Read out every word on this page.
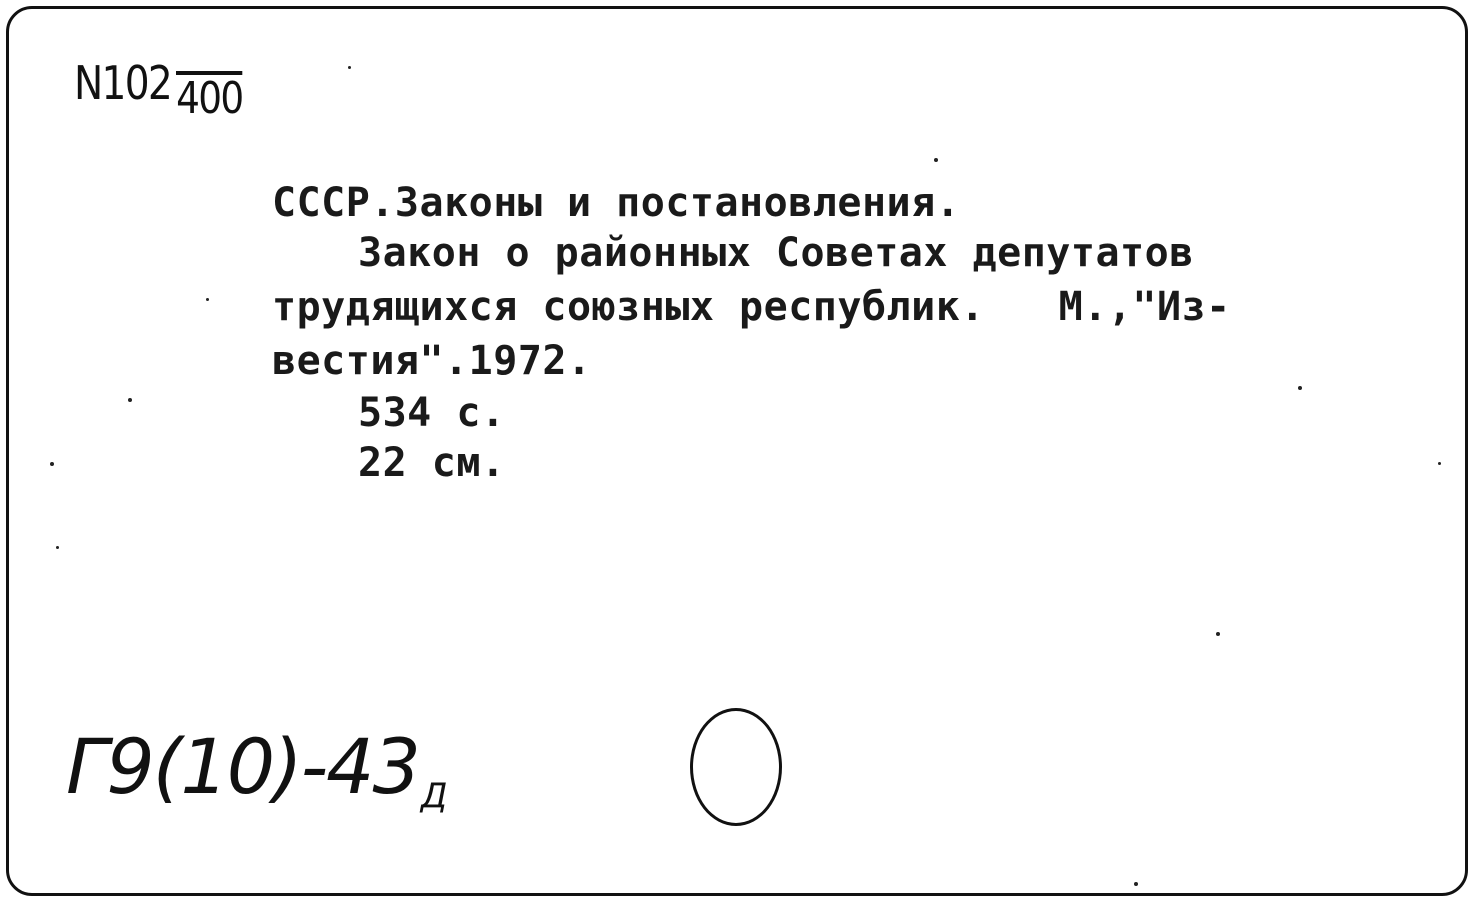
N102 400
СССР.Законы и постановления.
Закон о районных Советах депутатов
трудящихся союзных республик.   М.,"Из-
вестия".1972.
534 с.
22 см.
Г9(10)-43Д
